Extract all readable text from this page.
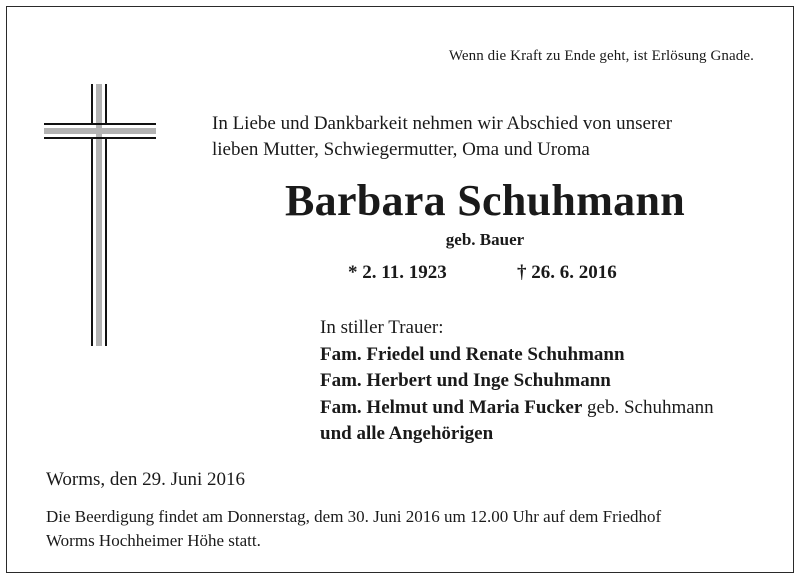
Wenn die Kraft zu Ende geht, ist Erlösung Gnade.
In Liebe und Dankbarkeit nehmen wir Abschied von unserer
lieben Mutter, Schwiegermutter, Oma und Uroma
Barbara Schuhmann
geb. Bauer
* 2. 11. 1923	† 26. 6. 2016
In stiller Trauer:
Fam. Friedel und Renate Schuhmann
Fam. Herbert und Inge Schuhmann
Fam. Helmut und Maria Fucker geb. Schuhmann
und alle Angehörigen
Worms, den 29. Juni 2016
Die Beerdigung findet am Donnerstag, dem 30. Juni 2016 um 12.00 Uhr auf dem Friedhof
Worms Hochheimer Höhe statt.
